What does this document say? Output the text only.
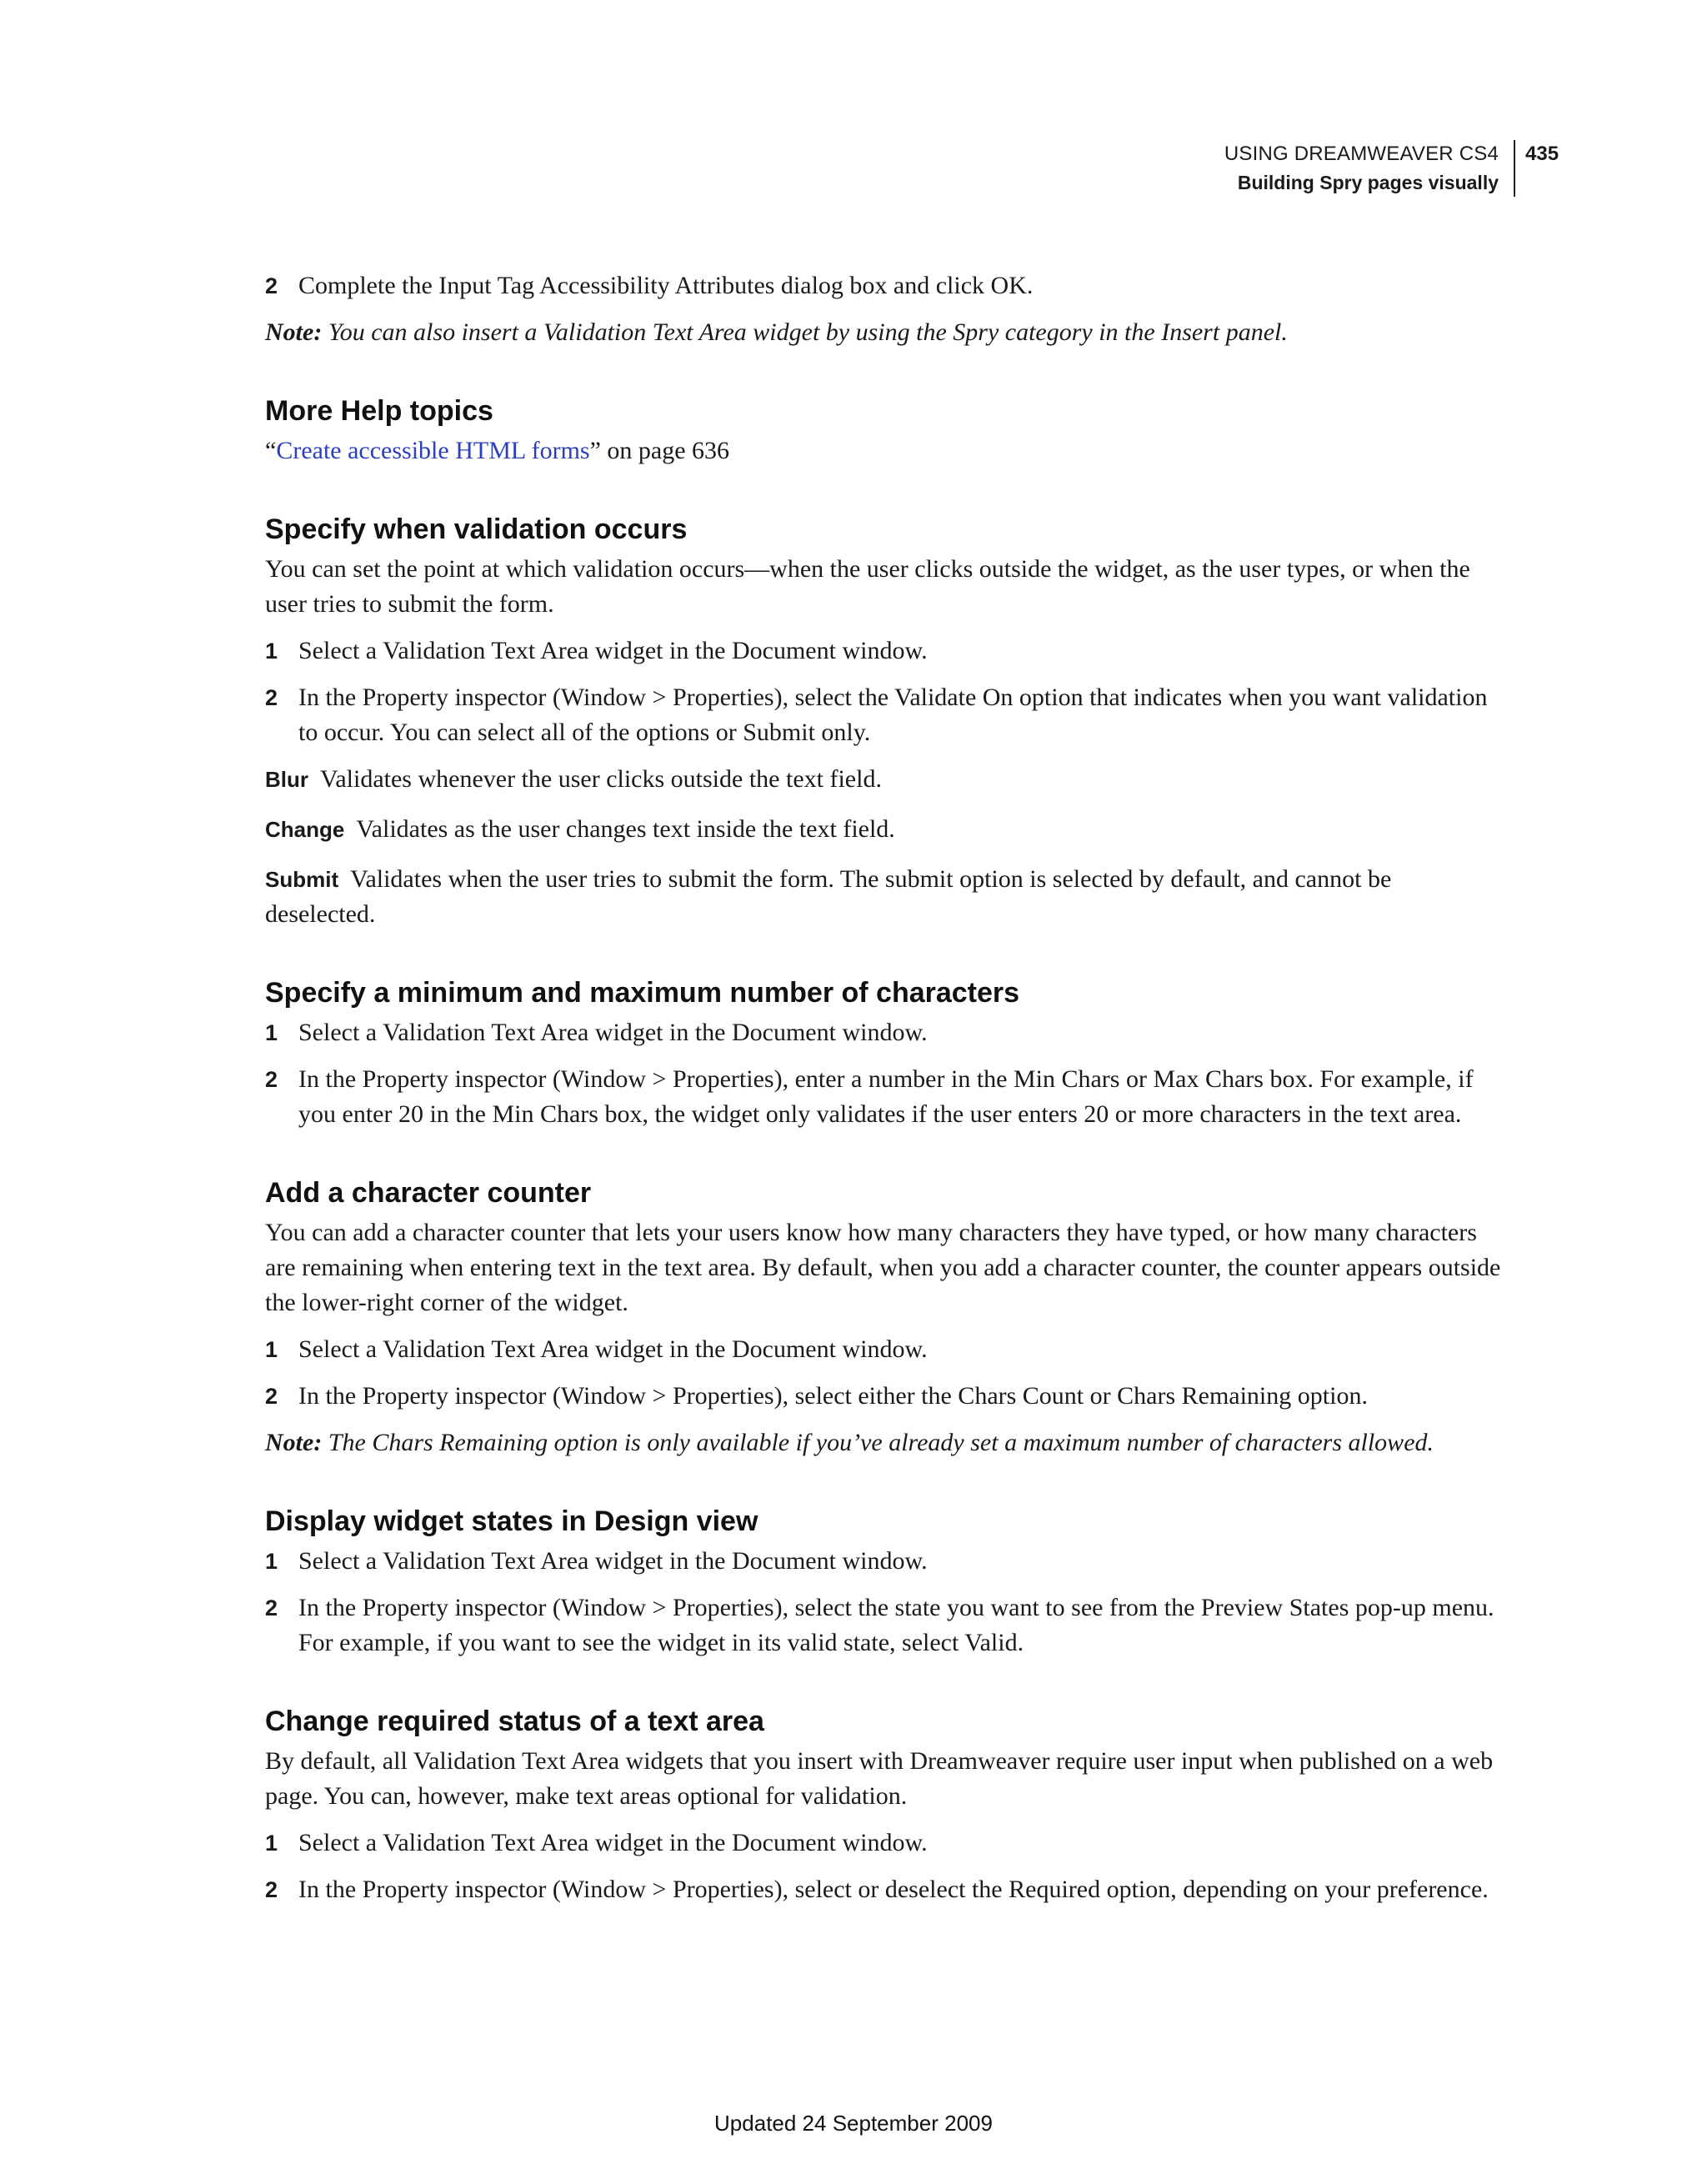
USING DREAMWEAVER CS4
Building Spry pages visually
435
2 Complete the Input Tag Accessibility Attributes dialog box and click OK.
Note: You can also insert a Validation Text Area widget by using the Spry category in the Insert panel.
More Help topics
“Create accessible HTML forms” on page 636
Specify when validation occurs
You can set the point at which validation occurs—when the user clicks outside the widget, as the user types, or when the user tries to submit the form.
1 Select a Validation Text Area widget in the Document window.
2 In the Property inspector (Window > Properties), select the Validate On option that indicates when you want validation to occur. You can select all of the options or Submit only.
Blur Validates whenever the user clicks outside the text field.
Change Validates as the user changes text inside the text field.
Submit Validates when the user tries to submit the form. The submit option is selected by default, and cannot be deselected.
Specify a minimum and maximum number of characters
1 Select a Validation Text Area widget in the Document window.
2 In the Property inspector (Window > Properties), enter a number in the Min Chars or Max Chars box. For example, if you enter 20 in the Min Chars box, the widget only validates if the user enters 20 or more characters in the text area.
Add a character counter
You can add a character counter that lets your users know how many characters they have typed, or how many characters are remaining when entering text in the text area. By default, when you add a character counter, the counter appears outside the lower-right corner of the widget.
1 Select a Validation Text Area widget in the Document window.
2 In the Property inspector (Window > Properties), select either the Chars Count or Chars Remaining option.
Note: The Chars Remaining option is only available if you’ve already set a maximum number of characters allowed.
Display widget states in Design view
1 Select a Validation Text Area widget in the Document window.
2 In the Property inspector (Window > Properties), select the state you want to see from the Preview States pop-up menu. For example, if you want to see the widget in its valid state, select Valid.
Change required status of a text area
By default, all Validation Text Area widgets that you insert with Dreamweaver require user input when published on a web page. You can, however, make text areas optional for validation.
1 Select a Validation Text Area widget in the Document window.
2 In the Property inspector (Window > Properties), select or deselect the Required option, depending on your preference.
Updated 24 September 2009
